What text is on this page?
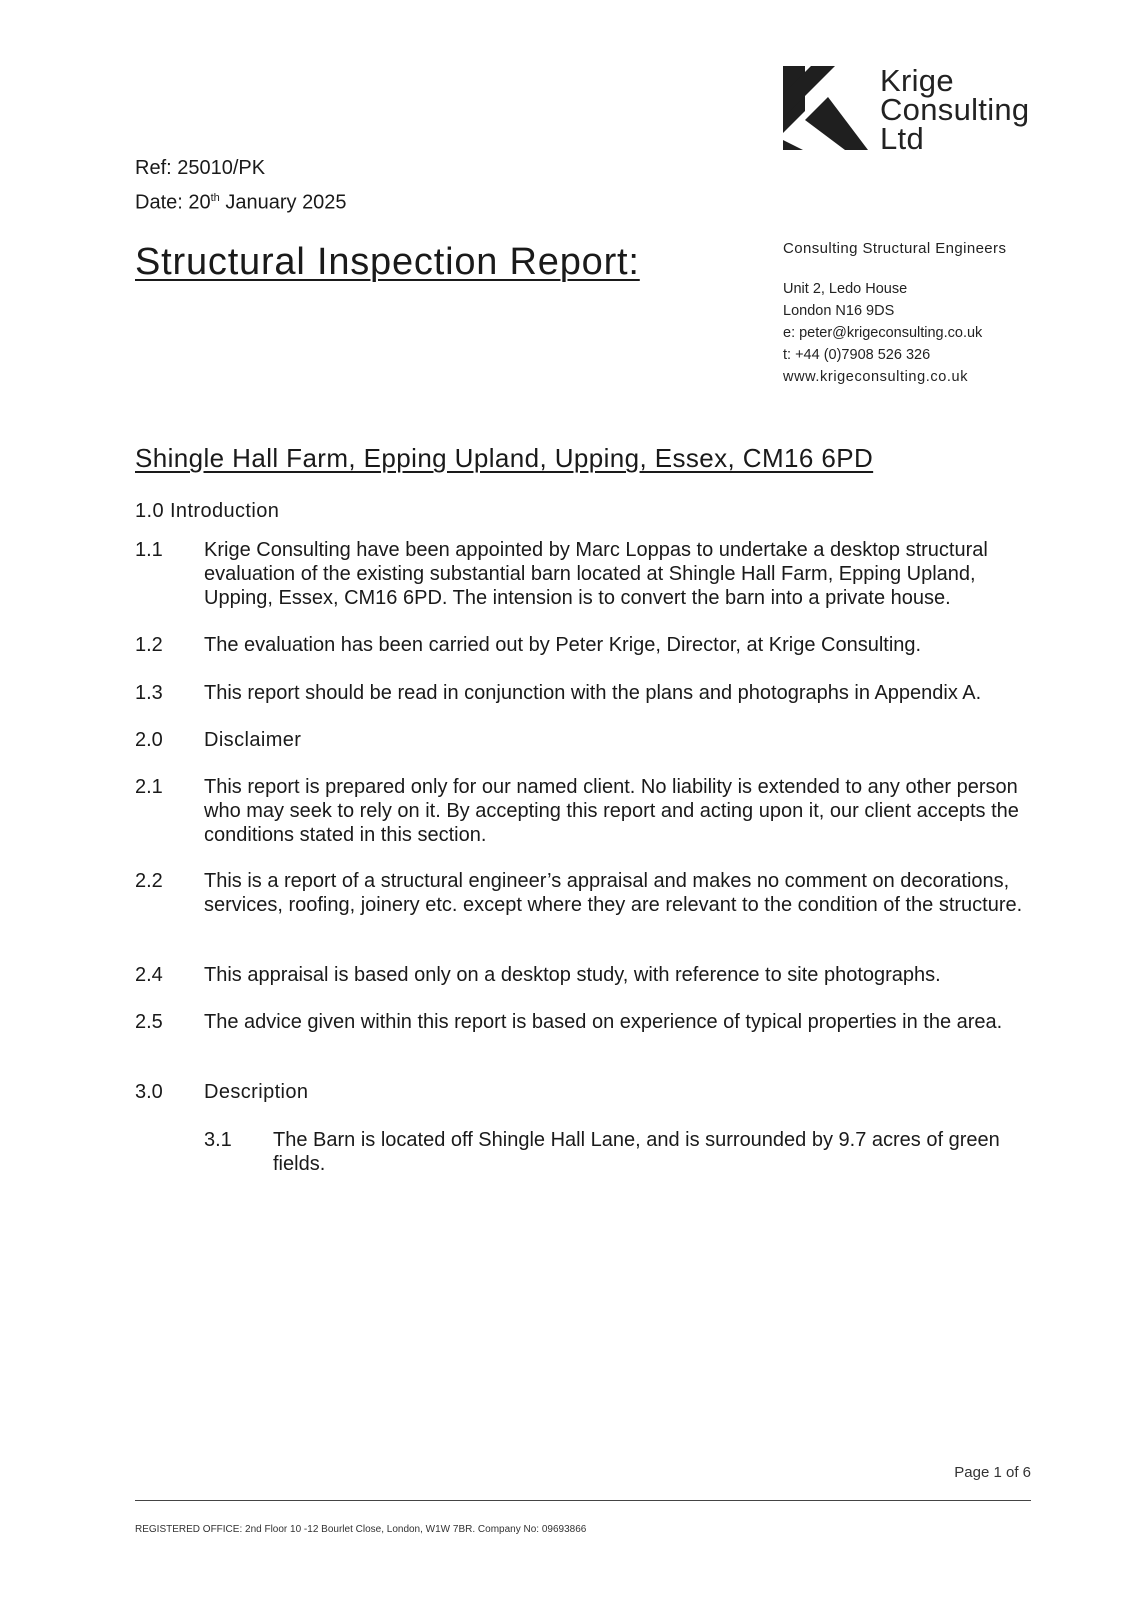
Krige
Consulting
Ltd
Ref: 25010/PK
Date: 20th January 2025
Structural Inspection Report:	Consulting Structural Engineers
Unit 2, Ledo House
London N16 9DS
e: peter@krigeconsulting.co.uk
t: +44 (0)7908 526 326
www.krigeconsulting.co.uk
Shingle Hall Farm, Epping Upland, Upping, Essex, CM16 6PD
1.0 Introduction
1.1 Krige Consulting have been appointed by Marc Loppas to undertake a desktop structural evaluation of the existing substantial barn located at Shingle Hall Farm, Epping Upland, Upping, Essex, CM16 6PD. The intension is to convert the barn into a private house.
1.2 The evaluation has been carried out by Peter Krige, Director, at Krige Consulting.
1.3 This report should be read in conjunction with the plans and photographs in Appendix A.
2.0 Disclaimer
2.1 This report is prepared only for our named client. No liability is extended to any other person who may seek to rely on it. By accepting this report and acting upon it, our client accepts the conditions stated in this section.
2.2 This is a report of a structural engineer’s appraisal and makes no comment on decorations, services, roofing, joinery etc. except where they are relevant to the condition of the structure.
2.4 This appraisal is based only on a desktop study, with reference to site photographs.
2.5 The advice given within this report is based on experience of typical properties in the area.
3.0 Description
3.1 The Barn is located off Shingle Hall Lane, and is surrounded by 9.7 acres of green fields.
Page 1 of 6
REGISTERED OFFICE: 2nd Floor 10 -12 Bourlet Close, London, W1W 7BR. Company No: 09693866
